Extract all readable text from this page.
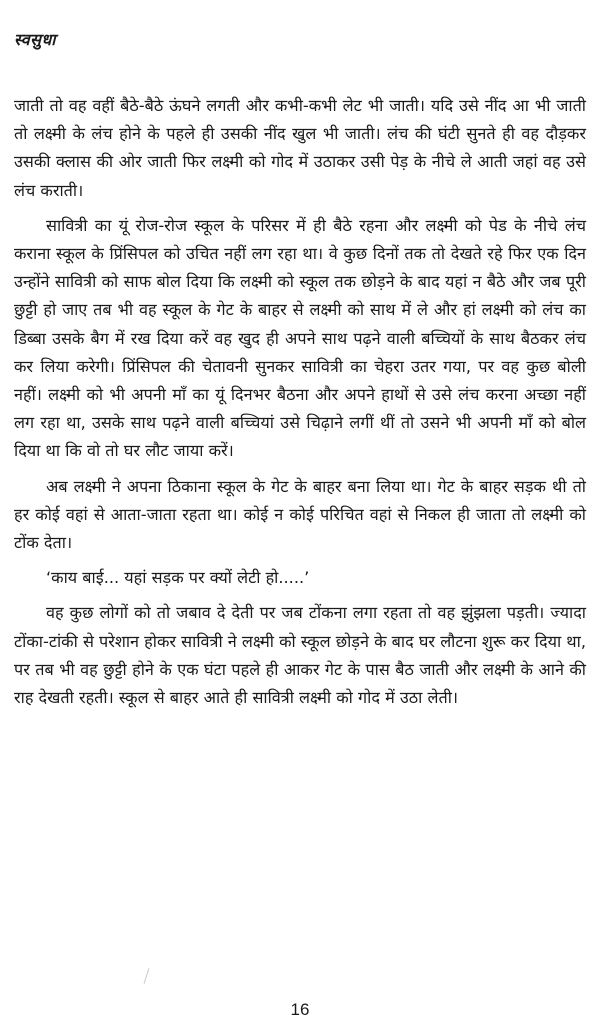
स्वसुधा

जाती तो वह वहीं बैठे-बैठे ऊंघने लगती और कभी-कभी लेट भी जाती। यदि उसे नींद आ भी जाती तो लक्ष्मी के लंच होने के पहले ही उसकी नींद खुल भी जाती। लंच की घंटी सुनते ही वह दौड़कर उसकी क्लास की ओर जाती फिर लक्ष्मी को गोद में उठाकर उसी पेड़ के नीचे ले आती जहां वह उसे लंच कराती।

सावित्री का यूं रोज-रोज स्कूल के परिसर में ही बैठे रहना और लक्ष्मी को पेड के नीचे लंच कराना स्कूल के प्रिंसिपल को उचित नहीं लग रहा था। वे कुछ दिनों तक तो देखते रहे फिर एक दिन उन्होंने सावित्री को साफ बोल दिया कि लक्ष्मी को स्कूल तक छोड़ने के बाद यहां न बैठे और जब पूरी छुट्टी हो जाए तब भी वह स्कूल के गेट के बाहर से लक्ष्मी को साथ में ले और हां लक्ष्मी को लंच का डिब्बा उसके बैग में रख दिया करें वह खुद ही अपने साथ पढ़ने वाली बच्चियों के साथ बैठकर लंच कर लिया करेगी। प्रिंसिपल की चेतावनी सुनकर सावित्री का चेहरा उतर गया, पर वह कुछ बोली नहीं। लक्ष्मी को भी अपनी माँ का यूं दिनभर बैठना और अपने हाथों से उसे लंच करना अच्छा नहीं लग रहा था, उसके साथ पढ़ने वाली बच्चियां उसे चिढ़ाने लगीं थीं तो उसने भी अपनी माँ को बोल दिया था कि वो तो घर लौट जाया करें।

अब लक्ष्मी ने अपना ठिकाना स्कूल के गेट के बाहर बना लिया था। गेट के बाहर सड़क थी तो हर कोई वहां से आता-जाता रहता था। कोई न कोई परिचित वहां से निकल ही जाता तो लक्ष्मी को टोंक देता।

‘काय बाई... यहां सड़क पर क्यों लेटी हो.....’

वह कुछ लोगों को तो जबाव दे देती पर जब टोंकना लगा रहता तो वह झुंझला पड़ती। ज्यादा टोंका-टांकी से परेशान होकर सावित्री ने लक्ष्मी को स्कूल छोड़ने के बाद घर लौटना शुरू कर दिया था, पर तब भी वह छुट्टी होने के एक घंटा पहले ही आकर गेट के पास बैठ जाती और लक्ष्मी के आने की राह देखती रहती। स्कूल से बाहर आते ही सावित्री लक्ष्मी को गोद में उठा लेती।

16
